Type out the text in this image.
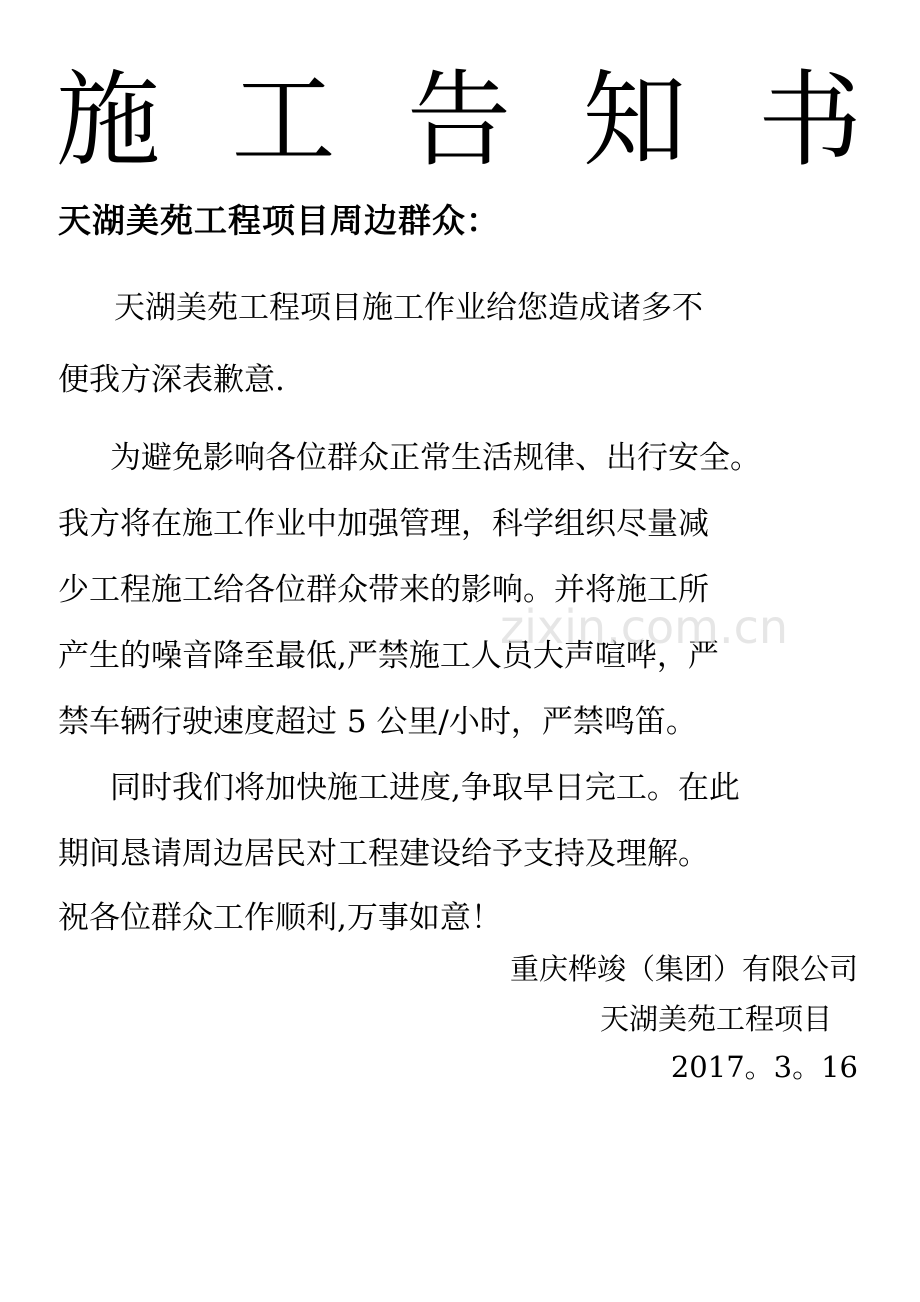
施 工 告 知 书
天湖美苑工程项目周边群众：
天湖美苑工程项目施工作业给您造成诸多不
便我方深表歉意.
为避免影响各位群众正常生活规律、出行安全。
我方将在施工作业中加强管理，科学组织尽量减
少工程施工给各位群众带来的影响。并将施工所
产生的噪音降至最低,严禁施工人员大声喧哗，严
禁车辆行驶速度超过 5 公里/小时，严禁鸣笛。
同时我们将加快施工进度,争取早日完工。在此
期间恳请周边居民对工程建设给予支持及理解。
祝各位群众工作顺利,万事如意！
重庆桦竣（集团）有限公司
天湖美苑工程项目
2017。3。16
zixin.com.cn
